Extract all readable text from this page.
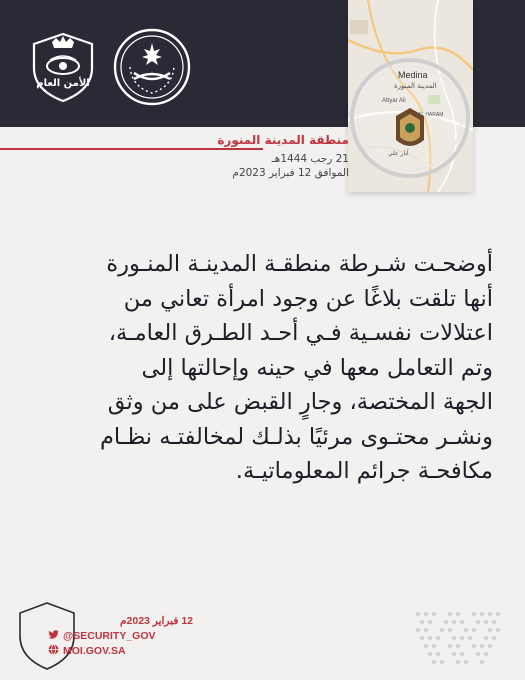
الأمن العام
Medina
المدينة المنورة
Abyar Ali
AL HARAM
آبار علي
منطقة المدينة المنورة
21 رجب 1444هـ
الموافق 12 فبراير 2023م
أوضحـت شـرطة منطقـة المدينـة المنـورة
أنها تلقت بلاغًا عن وجود امرأة تعاني من
اعتلالات نفسـية فـي أحـد الطـرق العامـة،
وتم التعامل معها في حينه وإحالتها إلى
الجهة المختصة، وجارٍ القبض على من وثق
ونشـر محتـوى مرئيًا بذلـك لمخالفتـه نظـام
مكافحـة جرائم المعلوماتيـة.
12 فبراير 2023م
@SECURITY_GOV
MOI.GOV.SA
